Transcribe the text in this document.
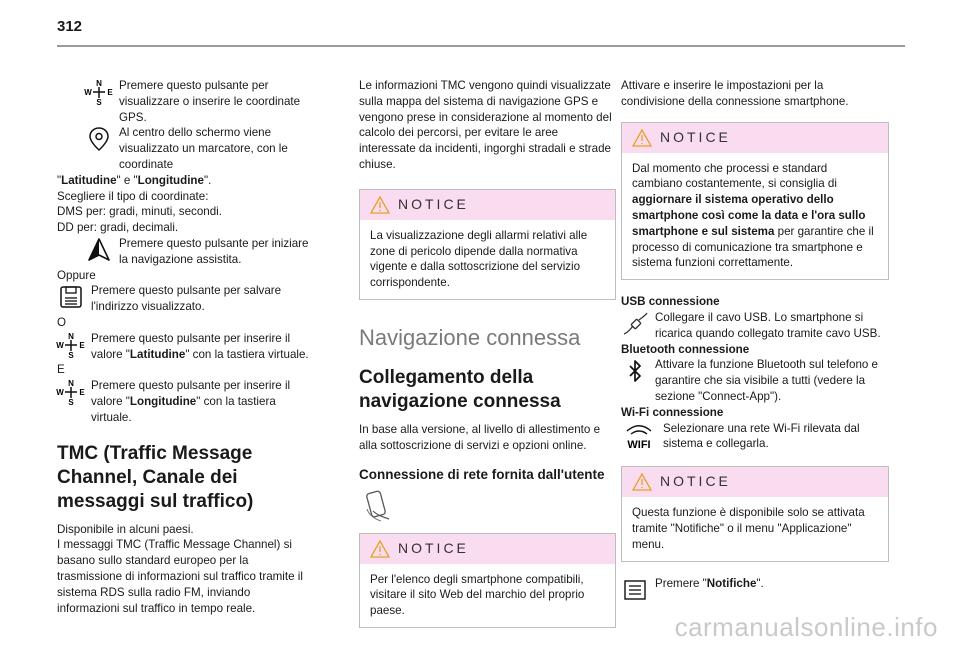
312
N
S
W E

Premere questo pulsante per visualizzare o inserire le coordinate GPS.

Al centro dello schermo viene visualizzato un marcatore, con le coordinate

"Latitudine" e "Longitudine".

Scegliere il tipo di coordinate:

DMS per: gradi, minuti, secondi.

DD per: gradi, decimali.

Premere questo pulsante per iniziare la navigazione assistita.

Oppure

Premere questo pulsante per salvare l'indirizzo visualizzato.

O

N
S
W E

Premere questo pulsante per inserire il valore "Latitudine" con la tastiera virtuale.

E

N
S
W E

Premere questo pulsante per inserire il valore "Longitudine" con la tastiera virtuale.

TMC (Traffic Message Channel, Canale dei messaggi sul traffico)

Disponibile in alcuni paesi.

I messaggi TMC (Traffic Message Channel) si basano sullo standard europeo per la trasmissione di informazioni sul traffico tramite il sistema RDS sulla radio FM, inviando informazioni sul traffico in tempo reale.

Le informazioni TMC vengono quindi visualizzate sulla mappa del sistema di navigazione GPS e vengono prese in considerazione al momento del calcolo dei percorsi, per evitare le aree interessate da incidenti, ingorghi stradali e strade chiuse.

NOTICE
La visualizzazione degli allarmi relativi alle zone di pericolo dipende dalla normativa vigente e dalla sottoscrizione del servizio corrispondente.
Navigazione connessa
Collegamento della navigazione connessa

In base alla versione, al livello di allestimento e alla sottoscrizione di servizi e opzioni online.

Connessione di rete fornita dall'utente
NOTICE
Per l'elenco degli smartphone compatibili, visitare il sito Web del marchio del proprio paese.

Attivare e inserire le impostazioni per la condivisione della connessione smartphone.

NOTICE
Dal momento che processi e standard cambiano costantemente, si consiglia di aggiornare il sistema operativo dello smartphone così come la data e l'ora sullo smartphone e sul sistema per garantire che il processo di comunicazione tra smartphone e sistema funzioni correttamente.

USB connessione

Collegare il cavo USB. Lo smartphone si ricarica quando collegato tramite cavo USB.

Bluetooth connessione

Attivare la funzione Bluetooth sul telefono e garantire che sia visibile a tutti (vedere la sezione "Connect-App").

Wi-Fi connessione

WIFI

Selezionare una rete Wi-Fi rilevata dal sistema e collegarla.

NOTICE
Questa funzione è disponibile solo se attivata tramite "Notifiche" o il menu "Applicazione" menu.

Premere "Notifiche".

carmanualsonline.info
